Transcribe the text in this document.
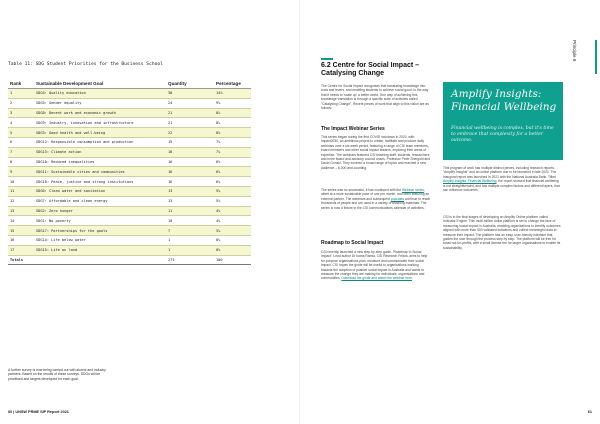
Table 11: SDG Student Priorities for the Business School
Rank	Sustainable Development Goal	Quantity	Percentage
1	SDG4: Quality education	38	14%
2	SDG5: Gender equality	24	9%
3	SDG8: Decent work and economic growth	21	8%
4	SDG9: Industry, innovation and infrastructure	21	8%
5	SDG3: Good health and well-being	22	8%
6	SDG12: Responsible consumption and production	19	7%
7	SDG13: Climate action	18	7%
8	SDG10: Reduced inequalities	16	6%
9	SDG11: Sustainable cities and communities	16	6%
10	SDG16: Peace, justice and strong institutions	16	6%
11	SDG6: Clean water and sanitation	13	5%
12	SDG7: Affordable and clean energy	13	5%
13	SDG2: Zero hunger	11	4%
14	SDG1: No poverty	10	4%
15	SDG17: Partnerships for the goals	7	3%
16	SDG14: Life below water	1	0%
17	SDG15: Life on land	1	0%
Totals		275	100
A further survey is now being carried out with alumni and industry partners. Based on the results of these surveys, SDGs will be prioritised and targets developed for each goal.
60 | UNSW PRME SIP Report 2021
6.2 Centre for Social Impact – Catalysing Change
The Centre for Social Impact recognises that translating knowledge into tools and levers, and enabling students to achieve social good, is the way that it needs to 'scale up' a better world. One way of achieving this knowledge translation is through a specific suite of activities called "Catalysing Change". Recent pieces of work that align to this vision are as follows:
The Impact Webinar Series
This series began during the first COVID lockdown in 2020, with impact2030, an ambitious project to create, facilitate and produce daily webinars over a six-week period, featuring a range of CSI team members, board members and other social impact leaders, exploring their areas of expertise. The webinars featured CSI teaching staff, students, researchers and more board and advisory council chairs. Professor Peter Shergold and David Gonski. They covered a broad range of topics and reached a new audience – 6,000 and counting.
The series was so successful, it has continued with the Webinar series, albeit at a more sustainable pace of one per month, and often featuring an external partner. The webinars and subsequent podcasts continue to reach thousands of people and are used in a variety of teaching materials. The series is now a fixture in the CSI communications calendar of activities.
Roadmap to Social Impact
CSI recently launched a new step-by-step guide, 'Roadmap to Social Impact'. Lead author Dr Ioana Ramia, CSI Research Fellow, aims to help for-purpose organisations plan, measure and communicate their social impact. CSI hopes the guide will be useful to organisations working towards the adoption of positive social impact in Australia and wants to measure the change they are making for individuals, organisations and communities. Download the guide and watch the webinar here.
Amplify Insights: Financial Wellbeing

Financial wellbeing is complex, but it's time to embrace that complexity for a better outcome.

This program of work has multiple distinct pieces, including research reports, "Amplify Insights" and an online platform due to be launched in late 2021. The inaugural report was launched in 2021 with the National Australia Bank. Titled Amplify Insights: Financial Wellbeing, the report showed that financial wellbeing is not straightforward, and has multiple complex factors and different layers, that can influence outcomes.
CSI is in the final stages of developing an Amplify Online platform called Indicator Engine. This multi-million dollar platform is set to change the face of measuring social impact in Australia, enabling organisations to identify outcomes aligned with more than 500 validated indicators and collect meaningful data to measure their impact. The platform has an easy, user-friendly interface that guides the user through the process step by step. The platform will be free for small not-for-profits, with a small license fee for larger organisations to enable its sustainability.
Principle 6
61
